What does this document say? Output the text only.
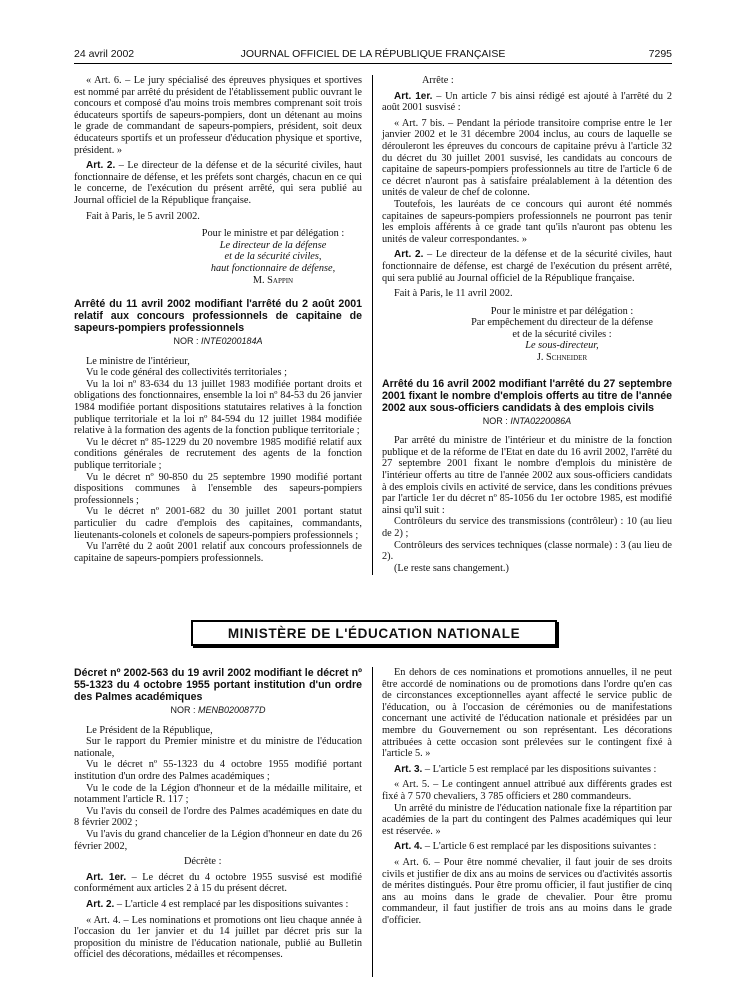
24 avril 2002	JOURNAL OFFICIEL DE LA RÉPUBLIQUE FRANÇAISE	7295

« Art. 6. – Le jury spécialisé des épreuves physiques et sportives est nommé par arrêté du président de l'établissement public ouvrant le concours et composé d'au moins trois membres comprenant soit trois éducateurs sportifs de sapeurs-pompiers, dont un détenant au moins le grade de commandant de sapeurs-pompiers, président, soit deux éducateurs sportifs et un professeur d'éducation physique et sportive, président. »

Art. 2. – Le directeur de la défense et de la sécurité civiles, haut fonctionnaire de défense, et les préfets sont chargés, chacun en ce qui le concerne, de l'exécution du présent arrêté, qui sera publié au Journal officiel de la République française.

Fait à Paris, le 5 avril 2002.

Pour le ministre et par délégation :

Le directeur de la défense

et de la sécurité civiles,

haut fonctionnaire de défense,

M. Sappin

Arrêté du 11 avril 2002 modifiant l'arrêté du 2 août 2001 relatif aux concours professionnels de capitaine de sapeurs-pompiers professionnels

NOR : INTE0200184A

Le ministre de l'intérieur,

Vu le code général des collectivités territoriales ;

Vu la loi nº 83-634 du 13 juillet 1983 modifiée portant droits et obligations des fonctionnaires, ensemble la loi nº 84-53 du 26 janvier 1984 modifiée portant dispositions statutaires relatives à la fonction publique territoriale et la loi nº 84-594 du 12 juillet 1984 modifiée relative à la formation des agents de la fonction publique territoriale ;

Vu le décret nº 85-1229 du 20 novembre 1985 modifié relatif aux conditions générales de recrutement des agents de la fonction publique territoriale ;

Vu le décret nº 90-850 du 25 septembre 1990 modifié portant dispositions communes à l'ensemble des sapeurs-pompiers professionnels ;

Vu le décret nº 2001-682 du 30 juillet 2001 portant statut particulier du cadre d'emplois des capitaines, commandants, lieutenants-colonels et colonels de sapeurs-pompiers professionnels ;

Vu l'arrêté du 2 août 2001 relatif aux concours professionnels de capitaine de sapeurs-pompiers professionnels.

Arrête :

Art. 1er. – Un article 7 bis ainsi rédigé est ajouté à l'arrêté du 2 août 2001 susvisé :

« Art. 7 bis. – Pendant la période transitoire comprise entre le 1er janvier 2002 et le 31 décembre 2004 inclus, au cours de laquelle se dérouleront les épreuves du concours de capitaine prévu à l'article 32 du décret du 30 juillet 2001 susvisé, les candidats au concours de capitaine de sapeurs-pompiers professionnels au titre de l'article 6 de ce décret n'auront pas à satisfaire préalablement à la détention des unités de valeur de chef de colonne.

Toutefois, les lauréats de ce concours qui auront été nommés capitaines de sapeurs-pompiers professionnels ne pourront pas tenir les emplois afférents à ce grade tant qu'ils n'auront pas obtenu les unités de valeur correspondantes. »

Art. 2. – Le directeur de la défense et de la sécurité civiles, haut fonctionnaire de défense, est chargé de l'exécution du présent arrêté, qui sera publié au Journal officiel de la République française.

Fait à Paris, le 11 avril 2002.

Pour le ministre et par délégation :

Par empêchement du directeur de la défense

et de la sécurité civiles :

Le sous-directeur,

J. Schneider

Arrêté du 16 avril 2002 modifiant l'arrêté du 27 septembre 2001 fixant le nombre d'emplois offerts au titre de l'année 2002 aux sous-officiers candidats à des emplois civils

NOR : INTA0220086A

Par arrêté du ministre de l'intérieur et du ministre de la fonction publique et de la réforme de l'Etat en date du 16 avril 2002, l'arrêté du 27 septembre 2001 fixant le nombre d'emplois du ministère de l'intérieur offerts au titre de l'année 2002 aux sous-officiers candidats à des emplois civils en activité de service, dans les conditions prévues par l'article 1er du décret nº 85-1056 du 1er octobre 1985, est modifié ainsi qu'il suit :

Contrôleurs du service des transmissions (contrôleur) : 10 (au lieu de 2) ;

Contrôleurs des services techniques (classe normale) : 3 (au lieu de 2).

(Le reste sans changement.)

MINISTÈRE DE L'ÉDUCATION NATIONALE

Décret nº 2002-563 du 19 avril 2002 modifiant le décret nº 55-1323 du 4 octobre 1955 portant institution d'un ordre des Palmes académiques

NOR : MENB0200877D

Le Président de la République,

Sur le rapport du Premier ministre et du ministre de l'éducation nationale,

Vu le décret nº 55-1323 du 4 octobre 1955 modifié portant institution d'un ordre des Palmes académiques ;

Vu le code de la Légion d'honneur et de la médaille militaire, et notamment l'article R. 117 ;

Vu l'avis du conseil de l'ordre des Palmes académiques en date du 8 février 2002 ;

Vu l'avis du grand chancelier de la Légion d'honneur en date du 26 février 2002,

Décrète :

Art. 1er. – Le décret du 4 octobre 1955 susvisé est modifié conformément aux articles 2 à 15 du présent décret.

Art. 2. – L'article 4 est remplacé par les dispositions suivantes :

« Art. 4. – Les nominations et promotions ont lieu chaque année à l'occasion du 1er janvier et du 14 juillet par décret pris sur la proposition du ministre de l'éducation nationale, publié au Bulletin officiel des décorations, médailles et récompenses.

En dehors de ces nominations et promotions annuelles, il ne peut être accordé de nominations ou de promotions dans l'ordre qu'en cas de circonstances exceptionnelles ayant affecté le service public de l'éducation, ou à l'occasion de cérémonies ou de manifestations concernant une activité de l'éducation nationale et présidées par un membre du Gouvernement ou son représentant. Les décorations attribuées à cette occasion sont prélevées sur le contingent fixé à l'article 5. »

Art. 3. – L'article 5 est remplacé par les dispositions suivantes :

« Art. 5. – Le contingent annuel attribué aux différents grades est fixé à 7 570 chevaliers, 3 785 officiers et 280 commandeurs.

Un arrêté du ministre de l'éducation nationale fixe la répartition par académies de la part du contingent des Palmes académiques qui leur est réservée. »

Art. 4. – L'article 6 est remplacé par les dispositions suivantes :

« Art. 6. – Pour être nommé chevalier, il faut jouir de ses droits civils et justifier de dix ans au moins de services ou d'activités assortis de mérites distingués. Pour être promu officier, il faut justifier de cinq ans au moins dans le grade de chevalier. Pour être promu commandeur, il faut justifier de trois ans au moins dans le grade d'officier.
